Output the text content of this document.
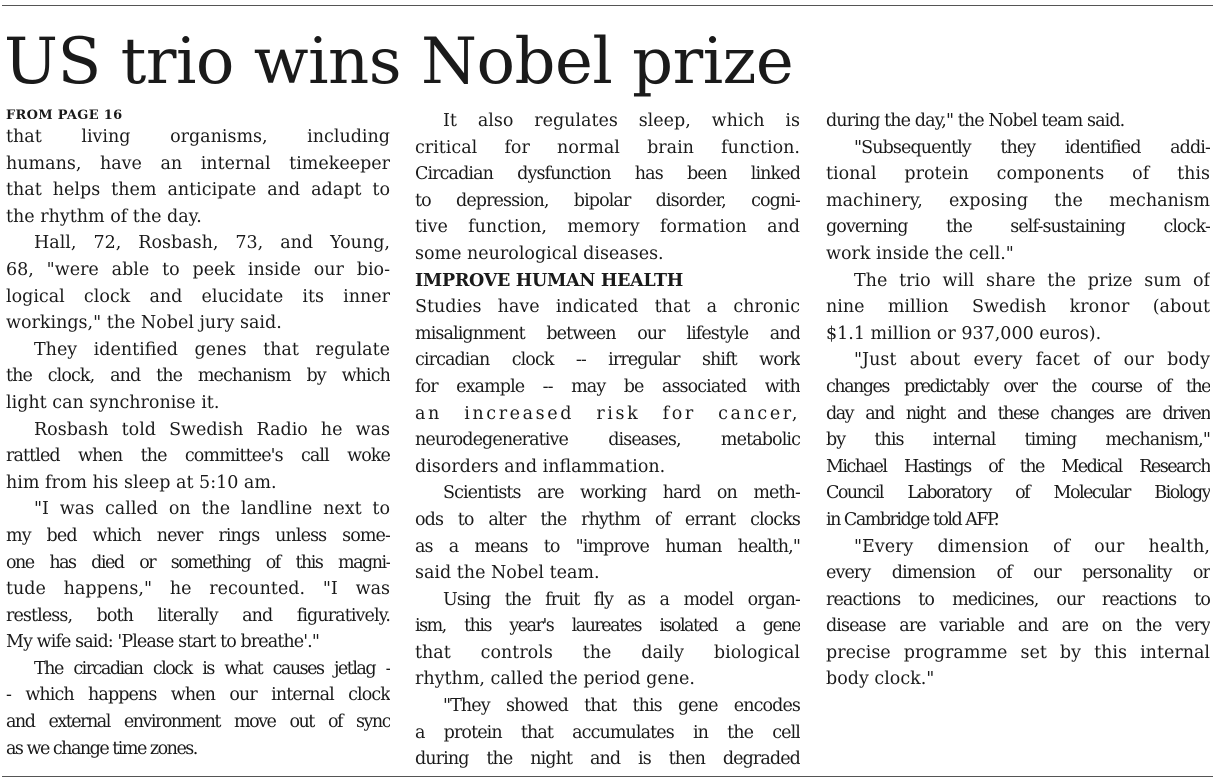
US trio wins Nobel prize
FROM PAGE 16
that living organisms, including
humans, have an internal timekeeper
that helps them anticipate and adapt to
the rhythm of the day.
Hall, 72, Rosbash, 73, and Young,
68, "were able to peek inside our bio-
logical clock and elucidate its inner
workings," the Nobel jury said.
They identified genes that regulate
the clock, and the mechanism by which
light can synchronise it.
Rosbash told Swedish Radio he was
rattled when the committee's call woke
him from his sleep at 5:10 am.
"I was called on the landline next to
my bed which never rings unless some-
one has died or something of this magni-
tude happens," he recounted. "I was
restless, both literally and figuratively.
My wife said: 'Please start to breathe'."
The circadian clock is what causes jetlag -
- which happens when our internal clock
and external environment move out of sync
as we change time zones.
It also regulates sleep, which is
critical for normal brain function.
Circadian dysfunction has been linked
to depression, bipolar disorder, cogni-
tive function, memory formation and
some neurological diseases.
IMPROVE HUMAN HEALTH
Studies have indicated that a chronic
misalignment between our lifestyle and
circadian clock -- irregular shift work
for example -- may be associated with
an increased risk for cancer,
neurodegenerative diseases, metabolic
disorders and inflammation.
Scientists are working hard on meth-
ods to alter the rhythm of errant clocks
as a means to "improve human health,"
said the Nobel team.
Using the fruit fly as a model organ-
ism, this year's laureates isolated a gene
that controls the daily biological
rhythm, called the period gene.
"They showed that this gene encodes
a protein that accumulates in the cell
during the night and is then degraded
during the day," the Nobel team said.
"Subsequently they identified addi-
tional protein components of this
machinery, exposing the mechanism
governing the self-sustaining clock-
work inside the cell."
The trio will share the prize sum of
nine million Swedish kronor (about
$1.1 million or 937,000 euros).
"Just about every facet of our body
changes predictably over the course of the
day and night and these changes are driven
by this internal timing mechanism,"
Michael Hastings of the Medical Research
Council Laboratory of Molecular Biology
in Cambridge told AFP.
"Every dimension of our health,
every dimension of our personality or
reactions to medicines, our reactions to
disease are variable and are on the very
precise programme set by this internal
body clock."
